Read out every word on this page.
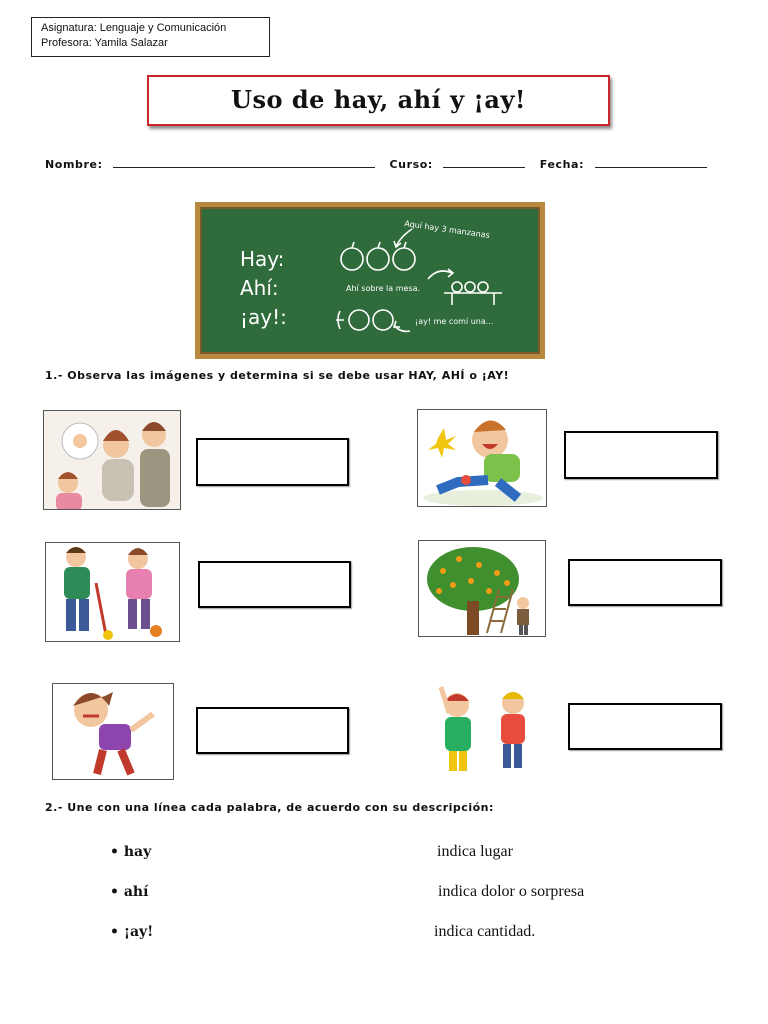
Asignatura: Lenguaje y Comunicación
Profesora: Yamila Salazar
Uso de hay, ahí y ¡ay!
Nombre:	Curso:	Fecha:
Hay:
Ahí:
¡ay!:
Aquí hay 3 manzanas
Ahí sobre la mesa.
¡ay! me comí una...
1.- Observa las imágenes y determina si se debe usar HAY, AHÍ o ¡AY!
2.- Une con una línea cada palabra, de acuerdo con su descripción:
• hay
• ahí
• ¡ay!
indica lugar
indica dolor o sorpresa
indica cantidad.
